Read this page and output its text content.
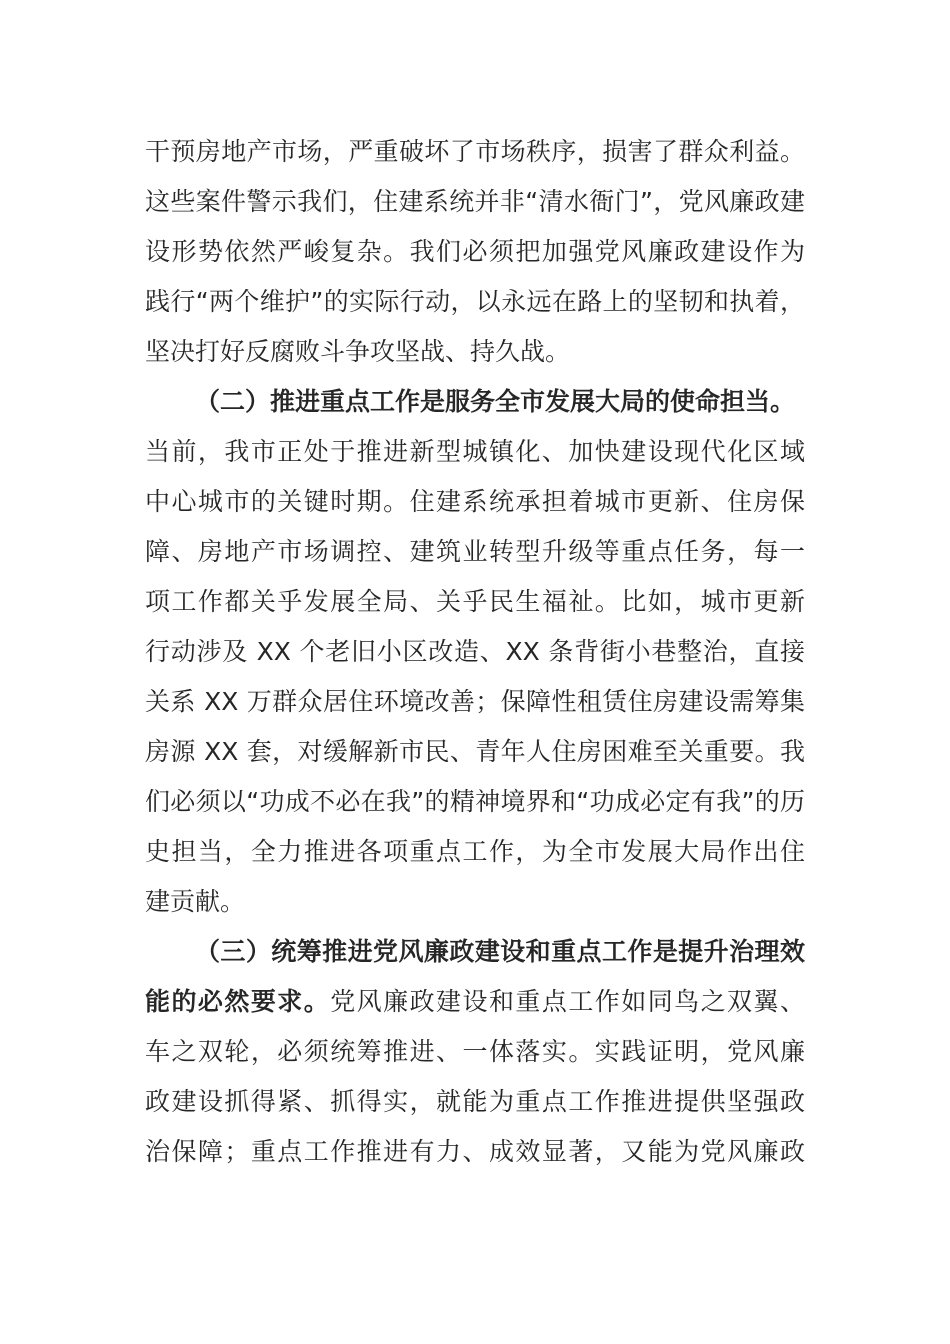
干预房地产市场，严重破坏了市场秩序，损害了群众利益。
这些案件警示我们，住建系统并非“清水衙门”，党风廉政建
设形势依然严峻复杂。我们必须把加强党风廉政建设作为
践行“两个维护”的实际行动，以永远在路上的坚韧和执着，
坚决打好反腐败斗争攻坚战、持久战。
（二）推进重点工作是服务全市发展大局的使命担当。
当前，我市正处于推进新型城镇化、加快建设现代化区域
中心城市的关键时期。住建系统承担着城市更新、住房保
障、房地产市场调控、建筑业转型升级等重点任务，每一
项工作都关乎发展全局、关乎民生福祉。比如，城市更新
行动涉及 XX 个老旧小区改造、XX 条背街小巷整治，直接
关系 XX 万群众居住环境改善；保障性租赁住房建设需筹集
房源 XX 套，对缓解新市民、青年人住房困难至关重要。我
们必须以“功成不必在我”的精神境界和“功成必定有我”的历
史担当，全力推进各项重点工作，为全市发展大局作出住
建贡献。
（三）统筹推进党风廉政建设和重点工作是提升治理效
能的必然要求。党风廉政建设和重点工作如同鸟之双翼、
车之双轮，必须统筹推进、一体落实。实践证明，党风廉
政建设抓得紧、抓得实，就能为重点工作推进提供坚强政
治保障；重点工作推进有力、成效显著，又能为党风廉政
